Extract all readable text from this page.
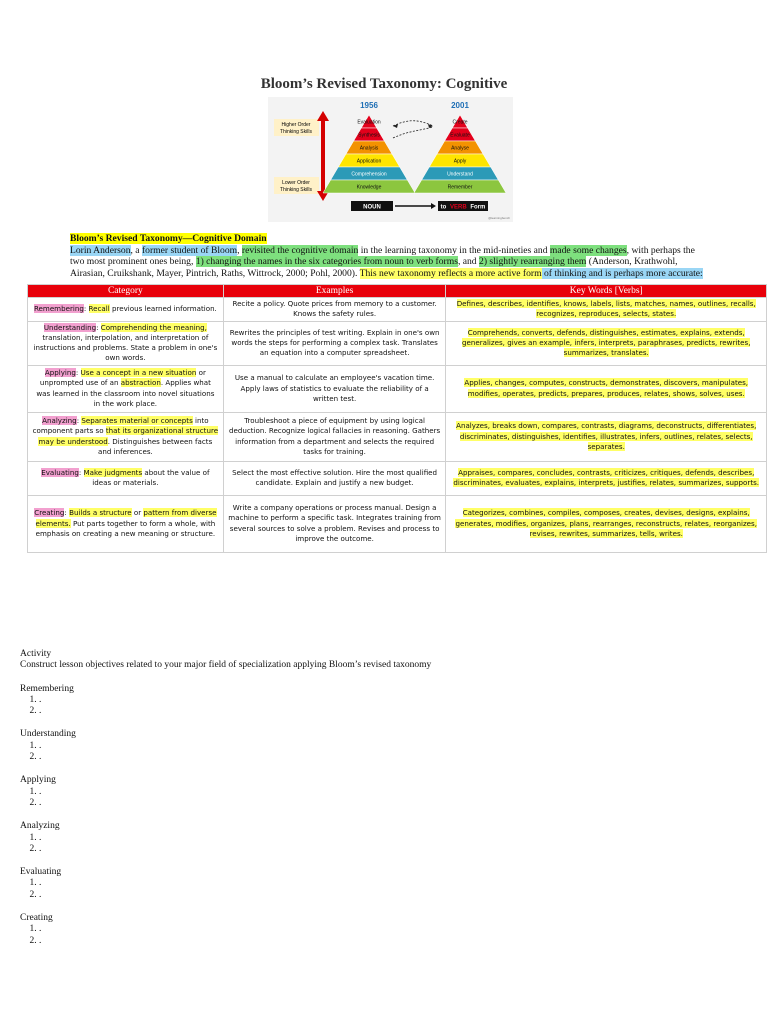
Bloom’s Revised Taxonomy: Cognitive
1956	2001
Higher Order
Thinking Skills
Lower Order
Thinking Skills
Evaluation
Synthesis
Analysis
Application
Comprehension
Knowledge
Create
Evaluate
Analyse
Apply
Understand
Remember
NOUN	to VERB Form
@learningbench
Bloom’s Revised Taxonomy—Cognitive Domain
Lorin Anderson, a former student of Bloom, revisited the cognitive domain in the learning taxonomy in the mid-nineties and made some changes, with perhaps the two most prominent ones being, 1) changing the names in the six categories from noun to verb forms, and 2) slightly rearranging them (Anderson, Krathwohl, Airasian, Cruikshank, Mayer, Pintrich, Raths, Wittrock, 2000; Pohl, 2000). This new taxonomy reflects a more active form of thinking and is perhaps more accurate:
Category	Examples	Key Words [Verbs]
Remembering: Recall previous learned information.	Recite a policy. Quote prices from memory to a customer. Knows the safety rules.	Defines, describes, identifies, knows, labels, lists, matches, names, outlines, recalls, recognizes, reproduces, selects, states.
Understanding: Comprehending the meaning, translation, interpolation, and interpretation of instructions and problems. State a problem in one's own words.	Rewrites the principles of test writing. Explain in one's own words the steps for performing a complex task. Translates an equation into a computer spreadsheet.	Comprehends, converts, defends, distinguishes, estimates, explains, extends, generalizes, gives an example, infers, interprets, paraphrases, predicts, rewrites, summarizes, translates.
Applying: Use a concept in a new situation or unprompted use of an abstraction. Applies what was learned in the classroom into novel situations in the work place.	Use a manual to calculate an employee's vacation time. Apply laws of statistics to evaluate the reliability of a written test.	Applies, changes, computes, constructs, demonstrates, discovers, manipulates, modifies, operates, predicts, prepares, produces, relates, shows, solves, uses.
Analyzing: Separates material or concepts into component parts so that its organizational structure may be understood. Distinguishes between facts and inferences.	Troubleshoot a piece of equipment by using logical deduction. Recognize logical fallacies in reasoning. Gathers information from a department and selects the required tasks for training.	Analyzes, breaks down, compares, contrasts, diagrams, deconstructs, differentiates, discriminates, distinguishes, identifies, illustrates, infers, outlines, relates, selects, separates.
Evaluating: Make judgments about the value of ideas or materials.	Select the most effective solution. Hire the most qualified candidate. Explain and justify a new budget.	Appraises, compares, concludes, contrasts, criticizes, critiques, defends, describes, discriminates, evaluates, explains, interprets, justifies, relates, summarizes, supports.
Creating: Builds a structure or pattern from diverse elements. Put parts together to form a whole, with emphasis on creating a new meaning or structure.	Write a company operations or process manual. Design a machine to perform a specific task. Integrates training from several sources to solve a problem. Revises and process to improve the outcome.	Categorizes, combines, compiles, composes, creates, devises, designs, explains, generates, modifies, organizes, plans, rearranges, reconstructs, relates, reorganizes, revises, rewrites, summarizes, tells, writes.
Activity
Construct lesson objectives related to your major field of specialization applying Bloom’s revised taxonomy
Remembering
1. .
2. .
Understanding
1. .
2. .
Applying
1. .
2. .
Analyzing
1. .
2. .
Evaluating
1. .
2. .
Creating
1. .
2. .
